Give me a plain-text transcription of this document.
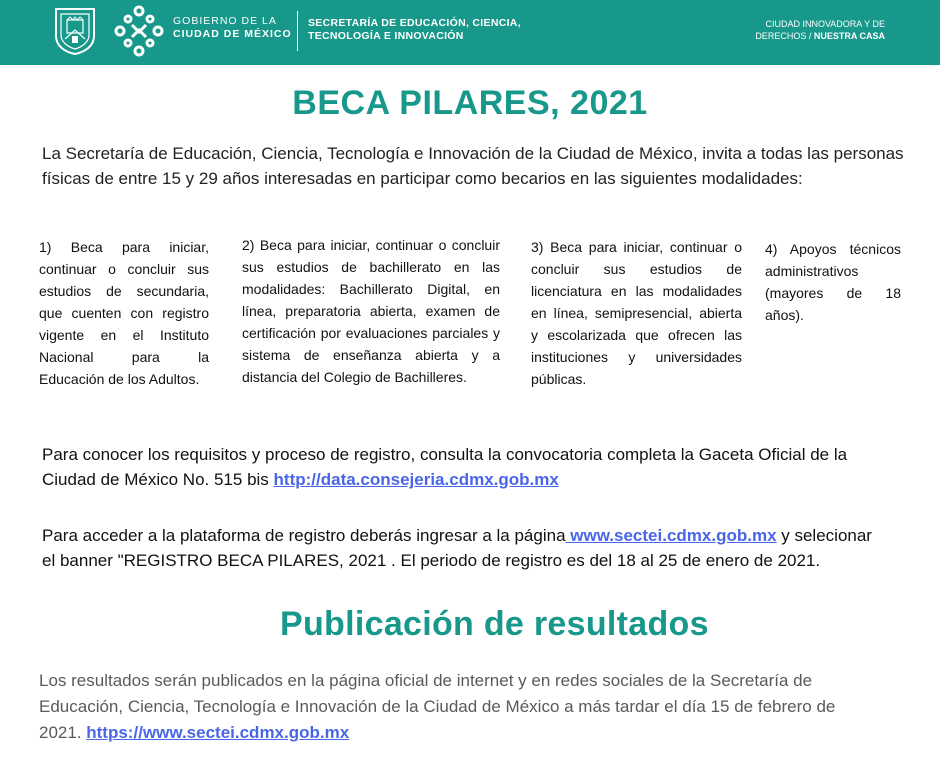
GOBIERNO DE LA
CIUDAD DE MÉXICO
SECRETARÍA DE EDUCACIÓN, CIENCIA,
TECNOLOGÍA E INNOVACIÓN
CIUDAD INNOVADORA Y DE
DERECHOS / NUESTRA CASA
BECA PILARES, 2021
La Secretaría de Educación, Ciencia, Tecnología e Innovación de la Ciudad de México, invita a todas las personas físicas de entre 15 y 29 años interesadas en participar como becarios en las siguientes modalidades:
1) Beca para iniciar, continuar o concluir sus estudios de secundaria, que cuenten con registro vigente en el Instituto Nacional para la Educación de los Adultos.
2) Beca para iniciar, continuar o concluir sus estudios de bachillerato en las modalidades: Bachillerato Digital, en línea, preparatoria abierta, examen de certificación por evaluaciones parciales y sistema de enseñanza abierta y a distancia del Colegio de Bachilleres.
3) Beca para iniciar, continuar o concluir sus estudios de licenciatura en las modalidades en línea, semipresencial, abierta y escolarizada que ofrecen las instituciones y universidades públicas.
4) Apoyos técnicos administrativos (mayores de 18 años).
Para conocer los requisitos y proceso de registro, consulta la convocatoria completa la Gaceta Oficial de la Ciudad de México No. 515 bis http://data.consejeria.cdmx.gob.mx
Para acceder a la plataforma de registro deberás ingresar a la página www.sectei.cdmx.gob.mx y selecionar el banner "REGISTRO BECA PILARES, 2021 . El periodo de registro es del 18 al 25 de enero de 2021.
Publicación de resultados
Los resultados serán publicados en la página oficial de internet y en redes sociales de la Secretaría de Educación, Ciencia, Tecnología e Innovación de la Ciudad de México a más tardar el día 15 de febrero de 2021. https://www.sectei.cdmx.gob.mx
